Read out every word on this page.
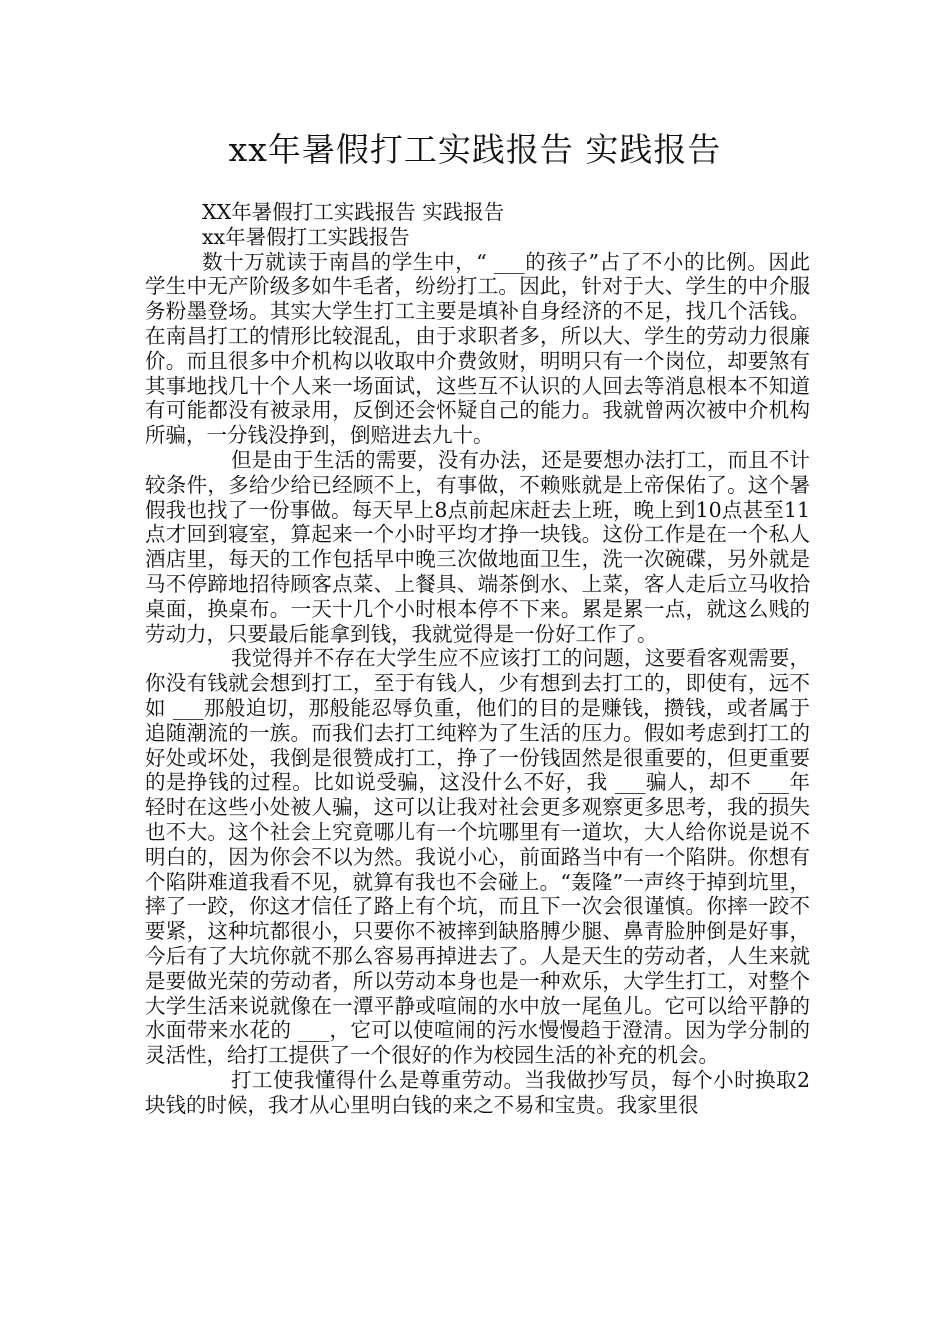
xx年暑假打工实践报告 实践报告

XX年暑假打工实践报告 实践报告

xx年暑假打工实践报告

数十万就读于南昌的学生中，“ ___的孩子”占了不小的比例。因此学生中无产阶级多如牛毛者，纷纷打工。因此，针对于大、学生的中介服务粉墨登场。其实大学生打工主要是填补自身经济的不足，找几个活钱。在南昌打工的情形比较混乱，由于求职者多，所以大、学生的劳动力很廉价。而且很多中介机构以收取中介费敛财，明明只有一个岗位，却要煞有其事地找几十个人来一场面试，这些互不认识的人回去等消息根本不知道有可能都没有被录用，反倒还会怀疑自己的能力。我就曾两次被中介机构所骗，一分钱没挣到，倒赔进去九十。

但是由于生活的需要，没有办法，还是要想办法打工，而且不计较条件，多给少给已经顾不上，有事做，不赖账就是上帝保佑了。这个暑假我也找了一份事做。每天早上8点前起床赶去上班，晚上到10点甚至11点才回到寝室，算起来一个小时平均才挣一块钱。这份工作是在一个私人酒店里，每天的工作包括早中晚三次做地面卫生，洗一次碗碟，另外就是马不停蹄地招待顾客点菜、上餐具、端茶倒水、上菜，客人走后立马收拾桌面，换桌布。一天十几个小时根本停不下来。累是累一点，就这么贱的劳动力，只要最后能拿到钱，我就觉得是一份好工作了。

我觉得并不存在大学生应不应该打工的问题，这要看客观需要，你没有钱就会想到打工，至于有钱人，少有想到去打工的，即使有，远不如 ___那般迫切，那般能忍辱负重，他们的目的是赚钱，攒钱，或者属于追随潮流的一族。而我们去打工纯粹为了生活的压力。假如考虑到打工的好处或坏处，我倒是很赞成打工，挣了一份钱固然是很重要的，但更重要的是挣钱的过程。比如说受骗，这没什么不好，我 ___骗人，却不 ___年轻时在这些小处被人骗，这可以让我对社会更多观察更多思考，我的损失也不大。这个社会上究竟哪儿有一个坑哪里有一道坎，大人给你说是说不明白的，因为你会不以为然。我说小心，前面路当中有一个陷阱。你想有个陷阱难道我看不见，就算有我也不会碰上。“轰隆”一声终于掉到坑里，摔了一跤，你这才信任了路上有个坑，而且下一次会很谨慎。你摔一跤不要紧，这种坑都很小，只要你不被摔到缺胳膊少腿、鼻青脸肿倒是好事，今后有了大坑你就不那么容易再掉进去了。人是天生的劳动者，人生来就是要做光荣的劳动者，所以劳动本身也是一种欢乐，大学生打工，对整个大学生活来说就像在一潭平静或喧闹的水中放一尾鱼儿。它可以给平静的水面带来水花的 ___，它可以使喧闹的污水慢慢趋于澄清。因为学分制的灵活性，给打工提供了一个很好的作为校园生活的补充的机会。

打工使我懂得什么是尊重劳动。当我做抄写员，每个小时换取2块钱的时候，我才从心里明白钱的来之不易和宝贵。我家里很
